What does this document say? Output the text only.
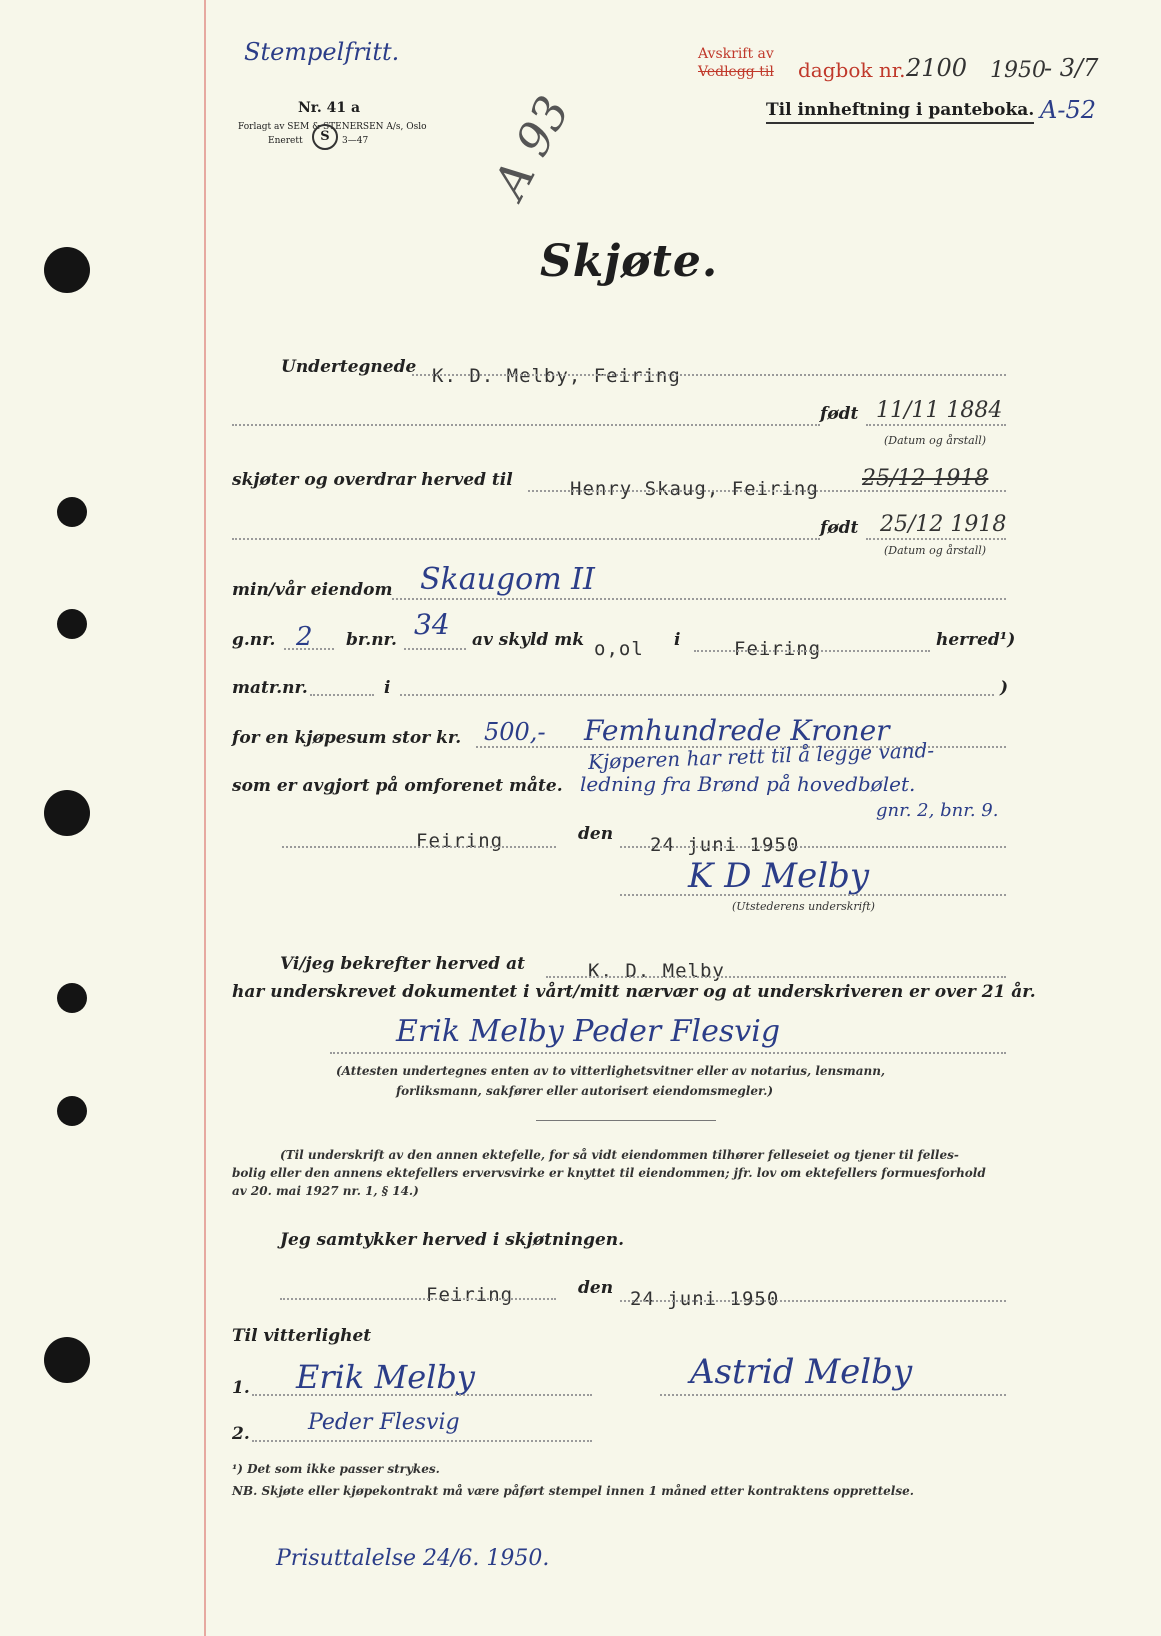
Stempelfritt.
Nr. 41 a
Forlagt av SEM & STENERSEN A/s, Oslo
Enerett	S	3—47
Avskrift av
Vedlegg til dagbok nr. 2100 1950
- 3/7
Til innheftning i panteboka. A-52
A 93
Skjøte.
Undertegnede K. D. Melby, Feiring
født 11/11 1884
(Datum og årstall)
skjøter og overdrar herved til	Henry Skaug, Feiring 25/12 1918
født 25/12 1918
(Datum og årstall)
min/vår eiendom Skaugom II
g.nr. 2 br.nr. 34 av skyld mk o,ol i	Feiring	herred¹)
matr.nr.	i	)
for en kjøpesum stor kr. 500,- Femhundrede Kroner
Kjøperen har rett til å legge vand-
som er avgjort på omforenet måte. ledning fra Brønd på hovedbølet.
gnr. 2, bnr. 9.
Feiring	den 24 juni 1950
K D Melby
(Utstederens underskrift)
Vi/jeg bekrefter herved at	K. D. Melby
har underskrevet dokumentet i vårt/mitt nærvær og at underskriveren er over 21 år.
Erik Melby Peder Flesvig
(Attesten undertegnes enten av to vitterlighetsvitner eller av notarius, lensmann,
forliksmann, sakfører eller autorisert eiendomsmegler.)
(Til underskrift av den annen ektefelle, for så vidt eiendommen tilhører felleseiet og tjener til felles-
bolig eller den annens ektefellers ervervsvirke er knyttet til eiendommen; jfr. lov om ektefellers formuesforhold
av 20. mai 1927 nr. 1, § 14.)
Jeg samtykker herved i skjøtningen.
Feiring	den 24 juni 1950
Til vitterlighet
1. Erik Melby	Astrid Melby
2.	Peder Flesvig
¹) Det som ikke passer strykes.
NB. Skjøte eller kjøpekontrakt må være påført stempel innen 1 måned etter kontraktens opprettelse.
Prisuttalelse 24/6. 1950.
